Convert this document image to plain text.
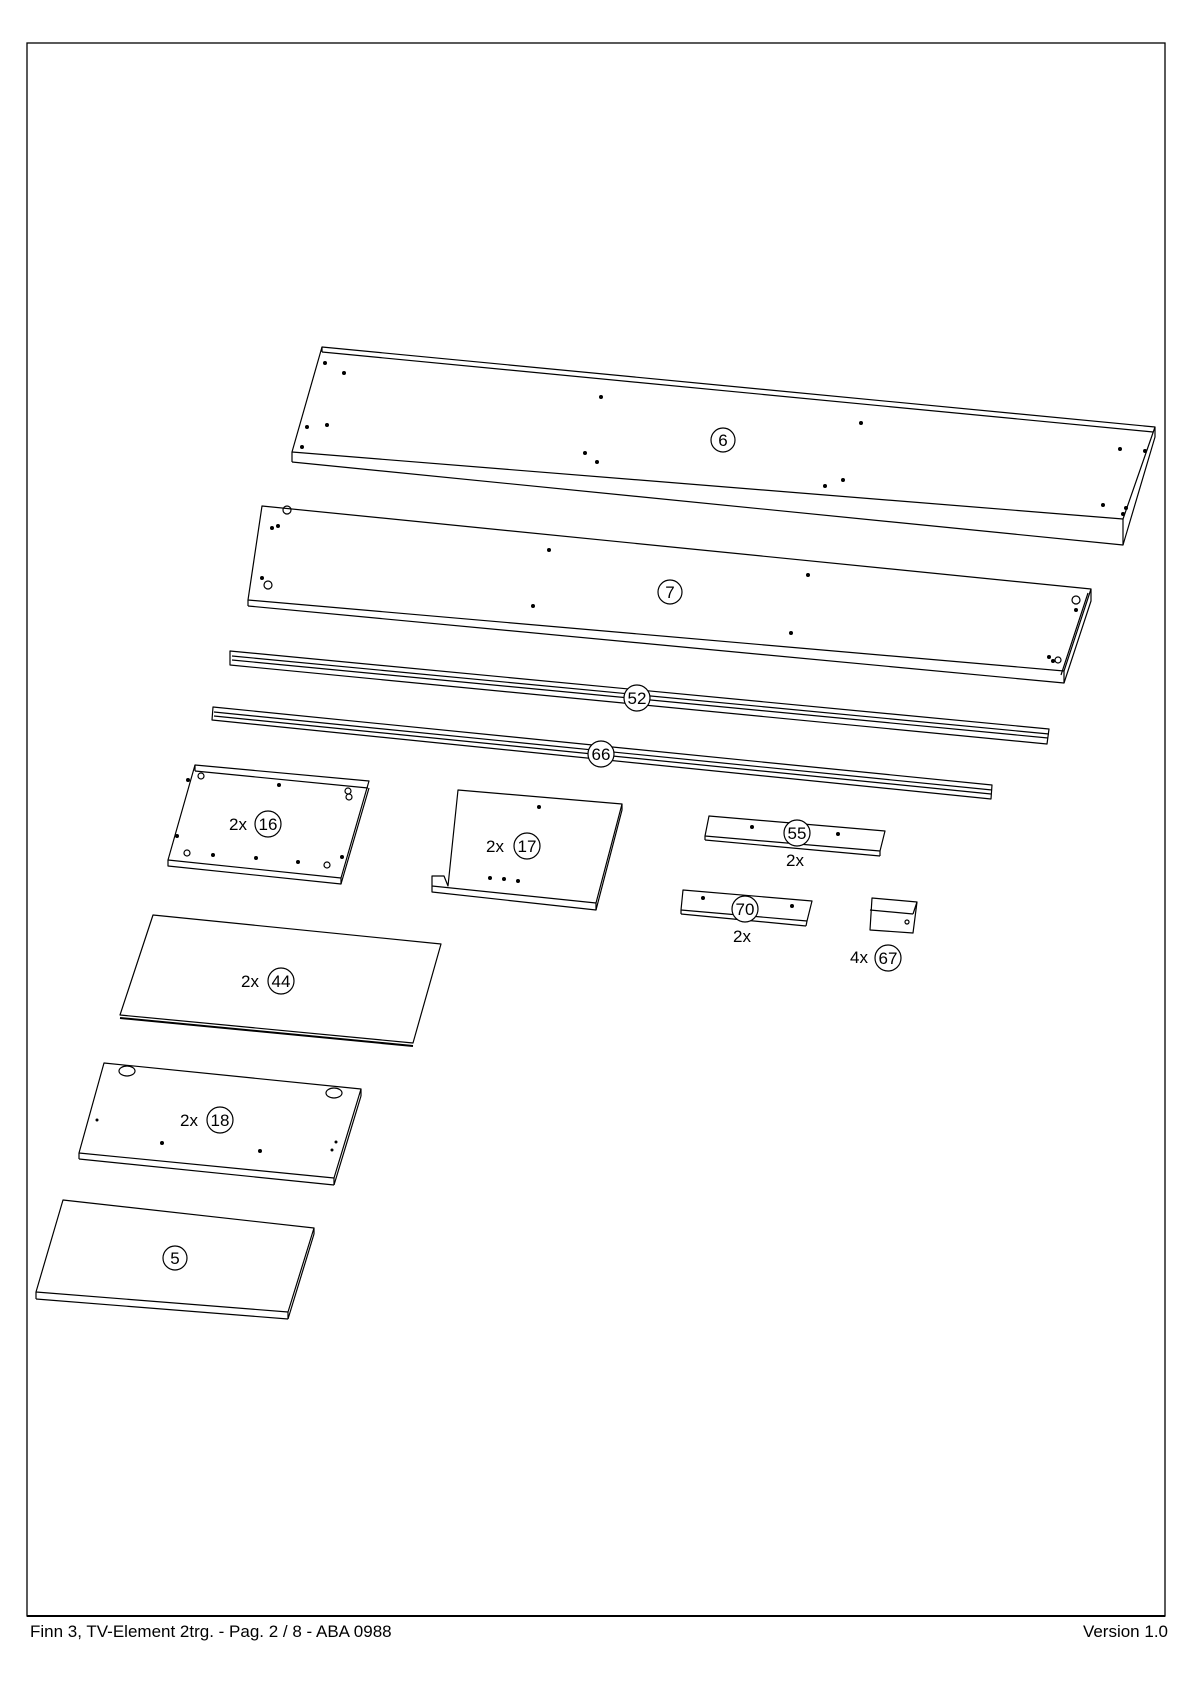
6
7
52
66
2x 16
2x 17
55
2x
70
2x
4x 67
2x 44
2x 18
5
Finn 3, TV-Element 2trg. - Pag. 2 / 8 - ABA 0988	Version 1.0
